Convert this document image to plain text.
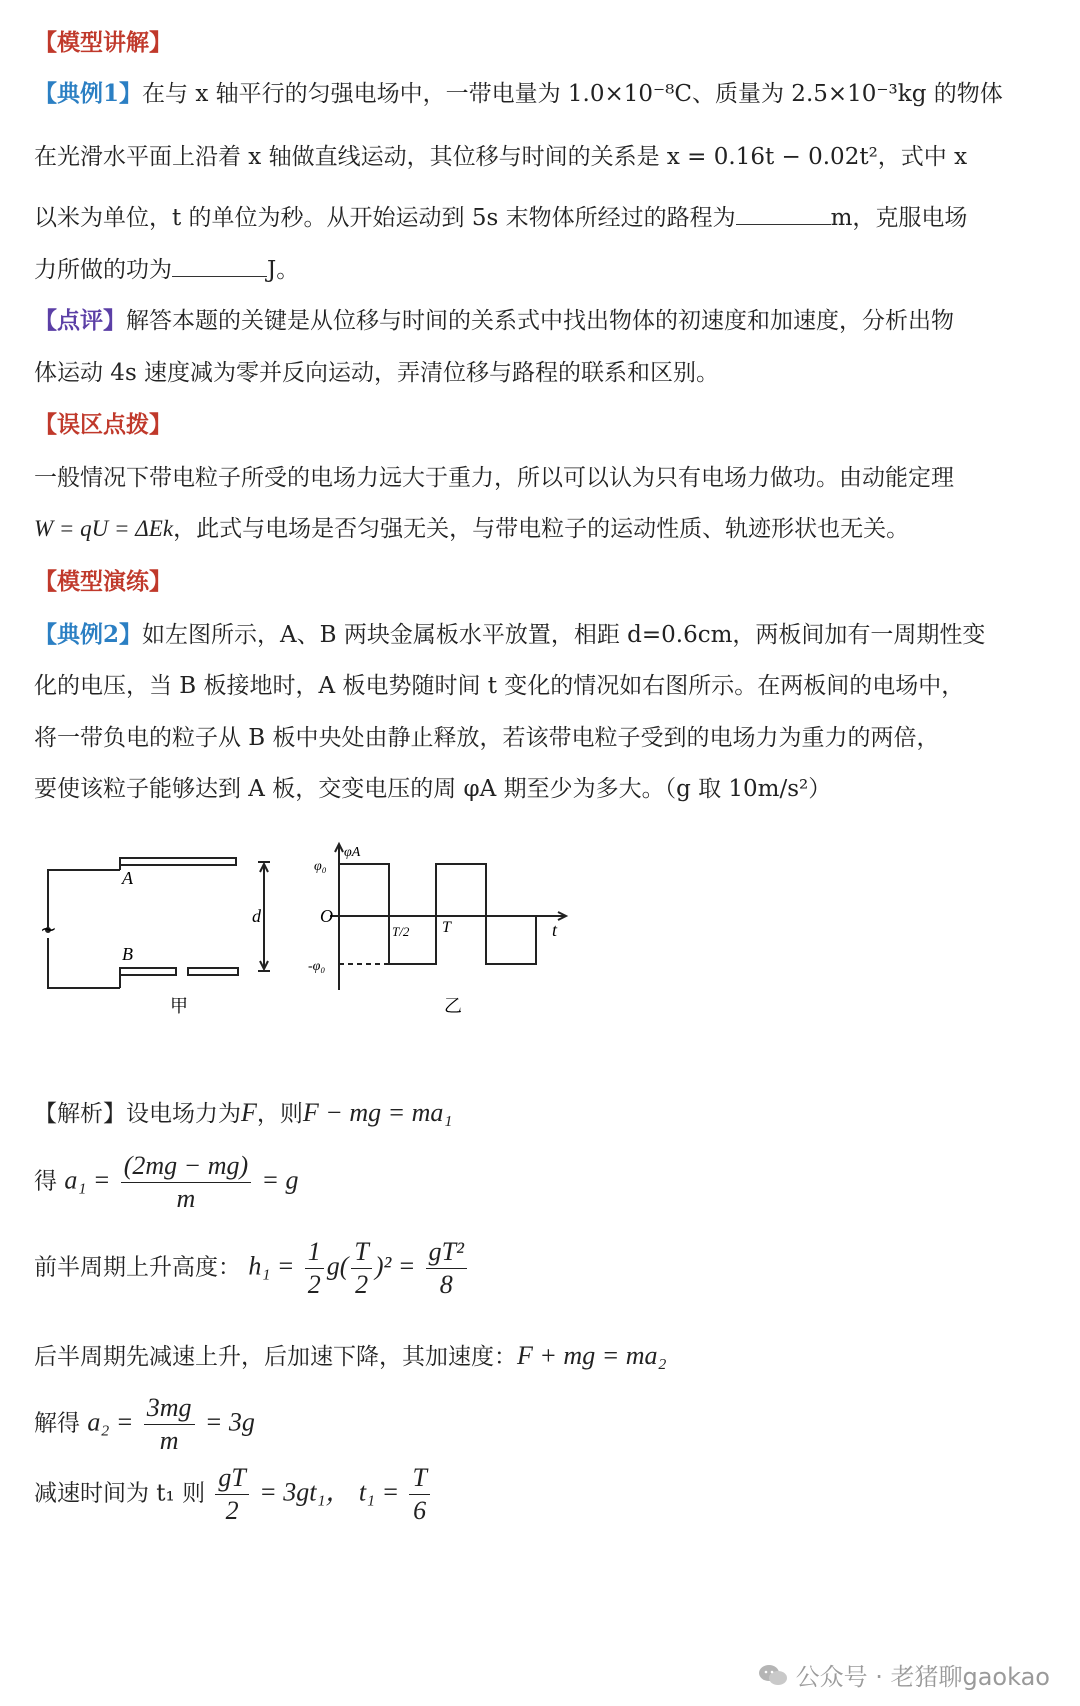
【模型讲解】
【典例1】在与 x 轴平行的匀强电场中，一带电量为 1.0×10⁻⁸C、质量为 2.5×10⁻³kg 的物体
在光滑水平面上沿着 x 轴做直线运动，其位移与时间的关系是 x = 0.16t − 0.02t²，式中 x
以米为单位，t 的单位为秒。从开始运动到 5s 末物体所经过的路程为	m，克服电场
力所做的功为	J。
【点评】解答本题的关键是从位移与时间的关系式中找出物体的初速度和加速度，分析出物
体运动 4s 速度减为零并反向运动，弄清位移与路程的联系和区别。
【误区点拨】
一般情况下带电粒子所受的电场力远大于重力，所以可以认为只有电场力做功。由动能定理
W = qU = ΔEk，此式与电场是否匀强无关，与带电粒子的运动性质、轨迹形状也无关。
【模型演练】
【典例2】如左图所示，A、B 两块金属板水平放置，相距 d=0.6cm，两板间加有一周期性变
化的电压，当 B 板接地时，A 板电势随时间 t 变化的情况如右图所示。在两板间的电场中，
将一带负电的粒子从 B 板中央处由静止释放，若该带电粒子受到的电场力为重力的两倍，
要使该粒子能够达到 A 板，交变电压的周 φA 期至少为多大。（g 取 10m/s²）
A
B
d
~
甲
φA
φ₀
O
-φ₀
T/2 T	t
乙
【解析】设电场力为F，则F − mg = ma₁
得 $a_1 = \frac{(2mg - mg)}{m} = g$
前半周期上升高度： $h_1 = \frac{1}{2} g( \frac{T}{2} )^2 = \frac{\text{gT²}}{8}$
后半周期先减速上升，后加速下降，其加速度：F + mg = ma₂
解得 $a_2 = \frac{3mg}{m} = 3g$
减速时间为 t₁ 则 $\frac{gT}{2} = 3gt_1$， $t_1 = \frac{T}{6}$
公众号 · 老猪聊gaokao
